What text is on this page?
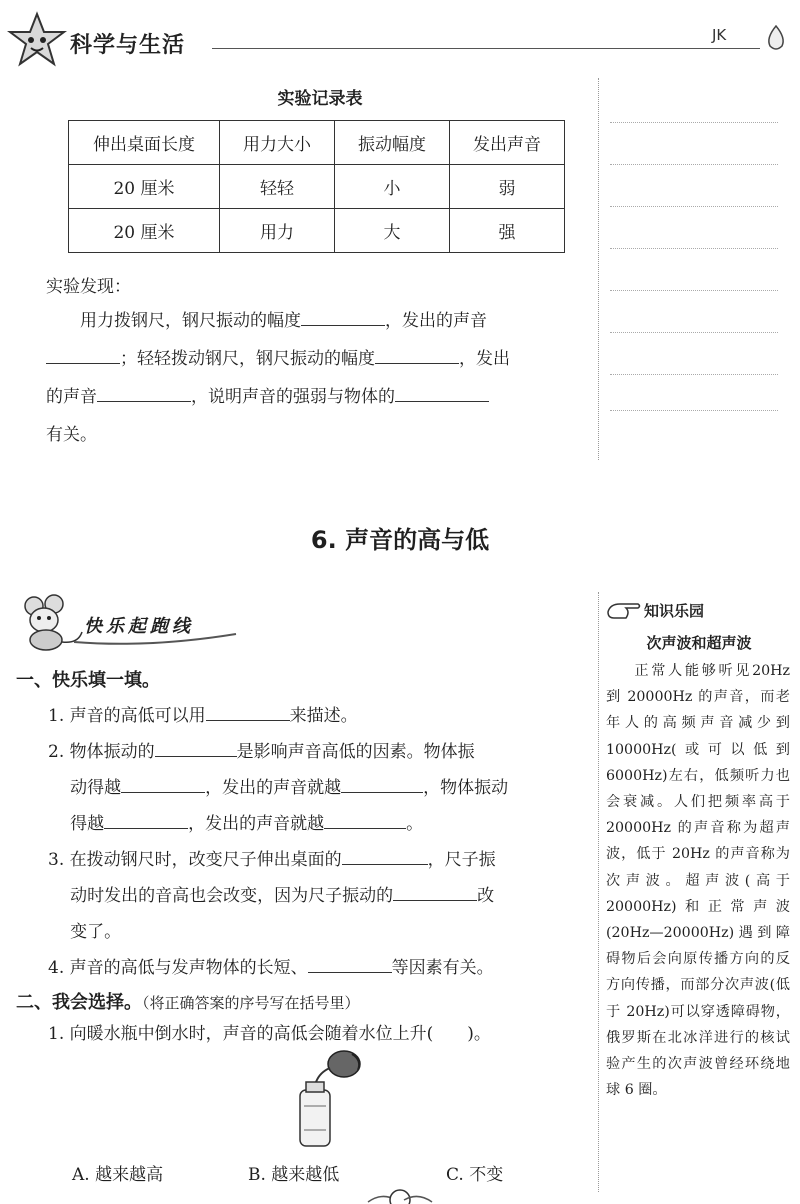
科学与生活	JK
实验记录表
伸出桌面长度	用力大小	振动幅度	发出声音
20 厘米	轻轻	小	弱
20 厘米	用力	大	强
实验发现：
用力拨钢尺，钢尺振动的幅度	，发出的声音
；轻轻拨动钢尺，钢尺振动的幅度	，发出
的声音	，说明声音的强弱与物体的
有关。
6. 声音的高与低
快乐起跑线
一、快乐填一填。
1. 声音的高低可以用	来描述。
2. 物体振动的	是影响声音高低的因素。物体振
动得越	，发出的声音就越	，物体振动
得越	，发出的声音就越	。
3. 在拨动钢尺时，改变尺子伸出桌面的	，尺子振
动时发出的音高也会改变，因为尺子振动的	改
变了。
4. 声音的高低与发声物体的长短、	等因素有关。
二、我会选择。（将正确答案的序号写在括号里）
1. 向暖水瓶中倒水时，声音的高低会随着水位上升(　　)。
A. 越来越高	B. 越来越低	C. 不变
知识乐园
次声波和超声波
正常人能够听见20Hz 到 20000Hz 的声音，而老年人的高频声音减少到 10000Hz(或可以低到 6000Hz)左右，低频听力也会衰减。人们把频率高于20000Hz 的声音称为超声波，低于 20Hz 的声音称为次声波。超声波(高于 20000Hz)和正常声波(20Hz—20000Hz)遇到障碍物后会向原传播方向的反方向传播，而部分次声波(低于 20Hz)可以穿透障碍物，俄罗斯在北冰洋进行的核试验产生的次声波曾经环绕地球 6 圈。
